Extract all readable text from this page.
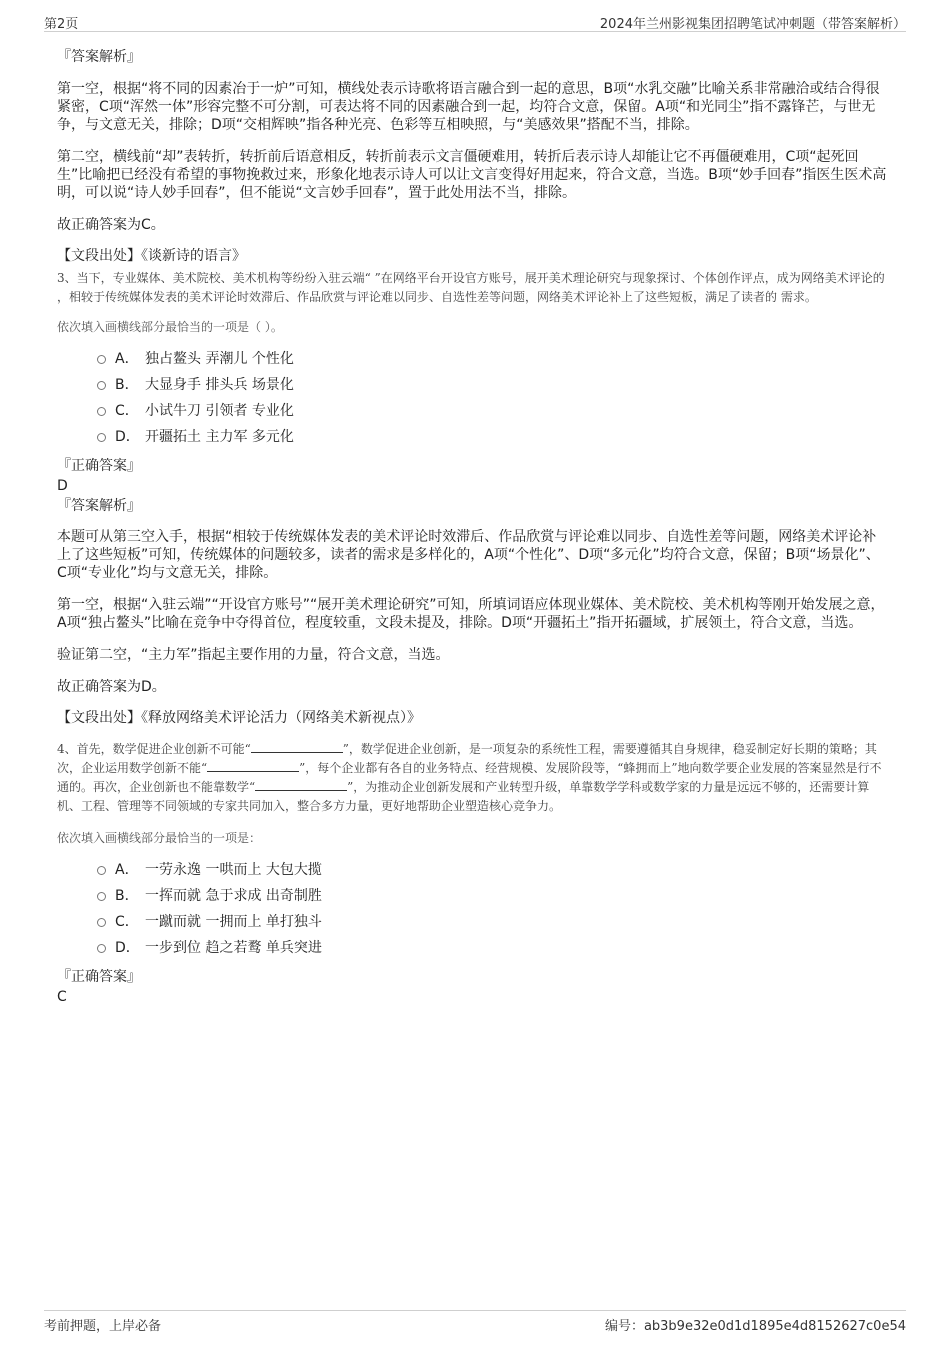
第2页	2024年兰州影视集团招聘笔试冲刺题（带答案解析）

『答案解析』

第一空，根据“将不同的因素冶于一炉”可知，横线处表示诗歌将语言融合到一起的意思，B项“水乳交融”比喻关系非常融洽或结合得很紧密，C项“浑然一体”形容完整不可分割，可表达将不同的因素融合到一起，均符合文意，保留。A项“和光同尘”指不露锋芒，与世无争，与文意无关，排除；D项“交相辉映”指各种光亮、色彩等互相映照，与“美感效果”搭配不当，排除。

第二空，横线前“却”表转折，转折前后语意相反，转折前表示文言僵硬难用，转折后表示诗人却能让它不再僵硬难用，C项“起死回生”比喻把已经没有希望的事物挽救过来，形象化地表示诗人可以让文言变得好用起来，符合文意，当选。B项“妙手回春”指医生医术高明，可以说“诗人妙手回春”，但不能说“文言妙手回春”，置于此处用法不当，排除。

故正确答案为C。

【文段出处】《谈新诗的语言》

3、当下，专业媒体、美术院校、美术机构等纷纷入驻云端“ ”在网络平台开设官方账号，展开美术理论研究与现象探讨、个体创作评点，成为网络美术评论的 ，相较于传统媒体发表的美术评论时效滞后、作品欣赏与评论难以同步、自选性差等问题，网络美术评论补上了这些短板，满足了读者的 需求。

依次填入画横线部分最恰当的一项是（ ）。

A． 独占鳌头 弄潮儿 个性化
B． 大显身手 排头兵 场景化
C． 小试牛刀 引领者 专业化
D． 开疆拓土 主力军 多元化

『正确答案』

D

『答案解析』

本题可从第三空入手，根据“相较于传统媒体发表的美术评论时效滞后、作品欣赏与评论难以同步、自选性差等问题，网络美术评论补上了这些短板”可知，传统媒体的问题较多，读者的需求是多样化的，A项“个性化”、D项“多元化”均符合文意，保留；B项“场景化”、C项“专业化”均与文意无关，排除。

第一空，根据“入驻云端”“开设官方账号”“展开美术理论研究”可知，所填词语应体现业媒体、美术院校、美术机构等刚开始发展之意，A项“独占鳌头”比喻在竞争中夺得首位，程度较重，文段未提及，排除。D项“开疆拓土”指开拓疆域，扩展领土，符合文意，当选。

验证第二空，“主力军”指起主要作用的力量，符合文意，当选。

故正确答案为D。

【文段出处】《释放网络美术评论活力（网络美术新视点）》

4、首先，数学促进企业创新不可能“	”，数学促进企业创新，是一项复杂的系统性工程，需要遵循其自身规律，稳妥制定好长期的策略；其次，企业运用数学创新不能“	”，每个企业都有各自的业务特点、经营规模、发展阶段等，“蜂拥而上”地向数学要企业发展的答案显然是行不通的。再次，企业创新也不能靠数学“	”，为推动企业创新发展和产业转型升级，单靠数学学科或数学家的力量是远远不够的，还需要计算机、工程、管理等不同领域的专家共同加入，整合多方力量，更好地帮助企业塑造核心竞争力。

依次填入画横线部分最恰当的一项是：

A． 一劳永逸 一哄而上 大包大揽
B． 一挥而就 急于求成 出奇制胜
C． 一蹴而就 一拥而上 单打独斗
D． 一步到位 趋之若鹜 单兵突进

『正确答案』

C

考前押题，上岸必备	编号：ab3b9e32e0d1d1895e4d8152627c0e54
